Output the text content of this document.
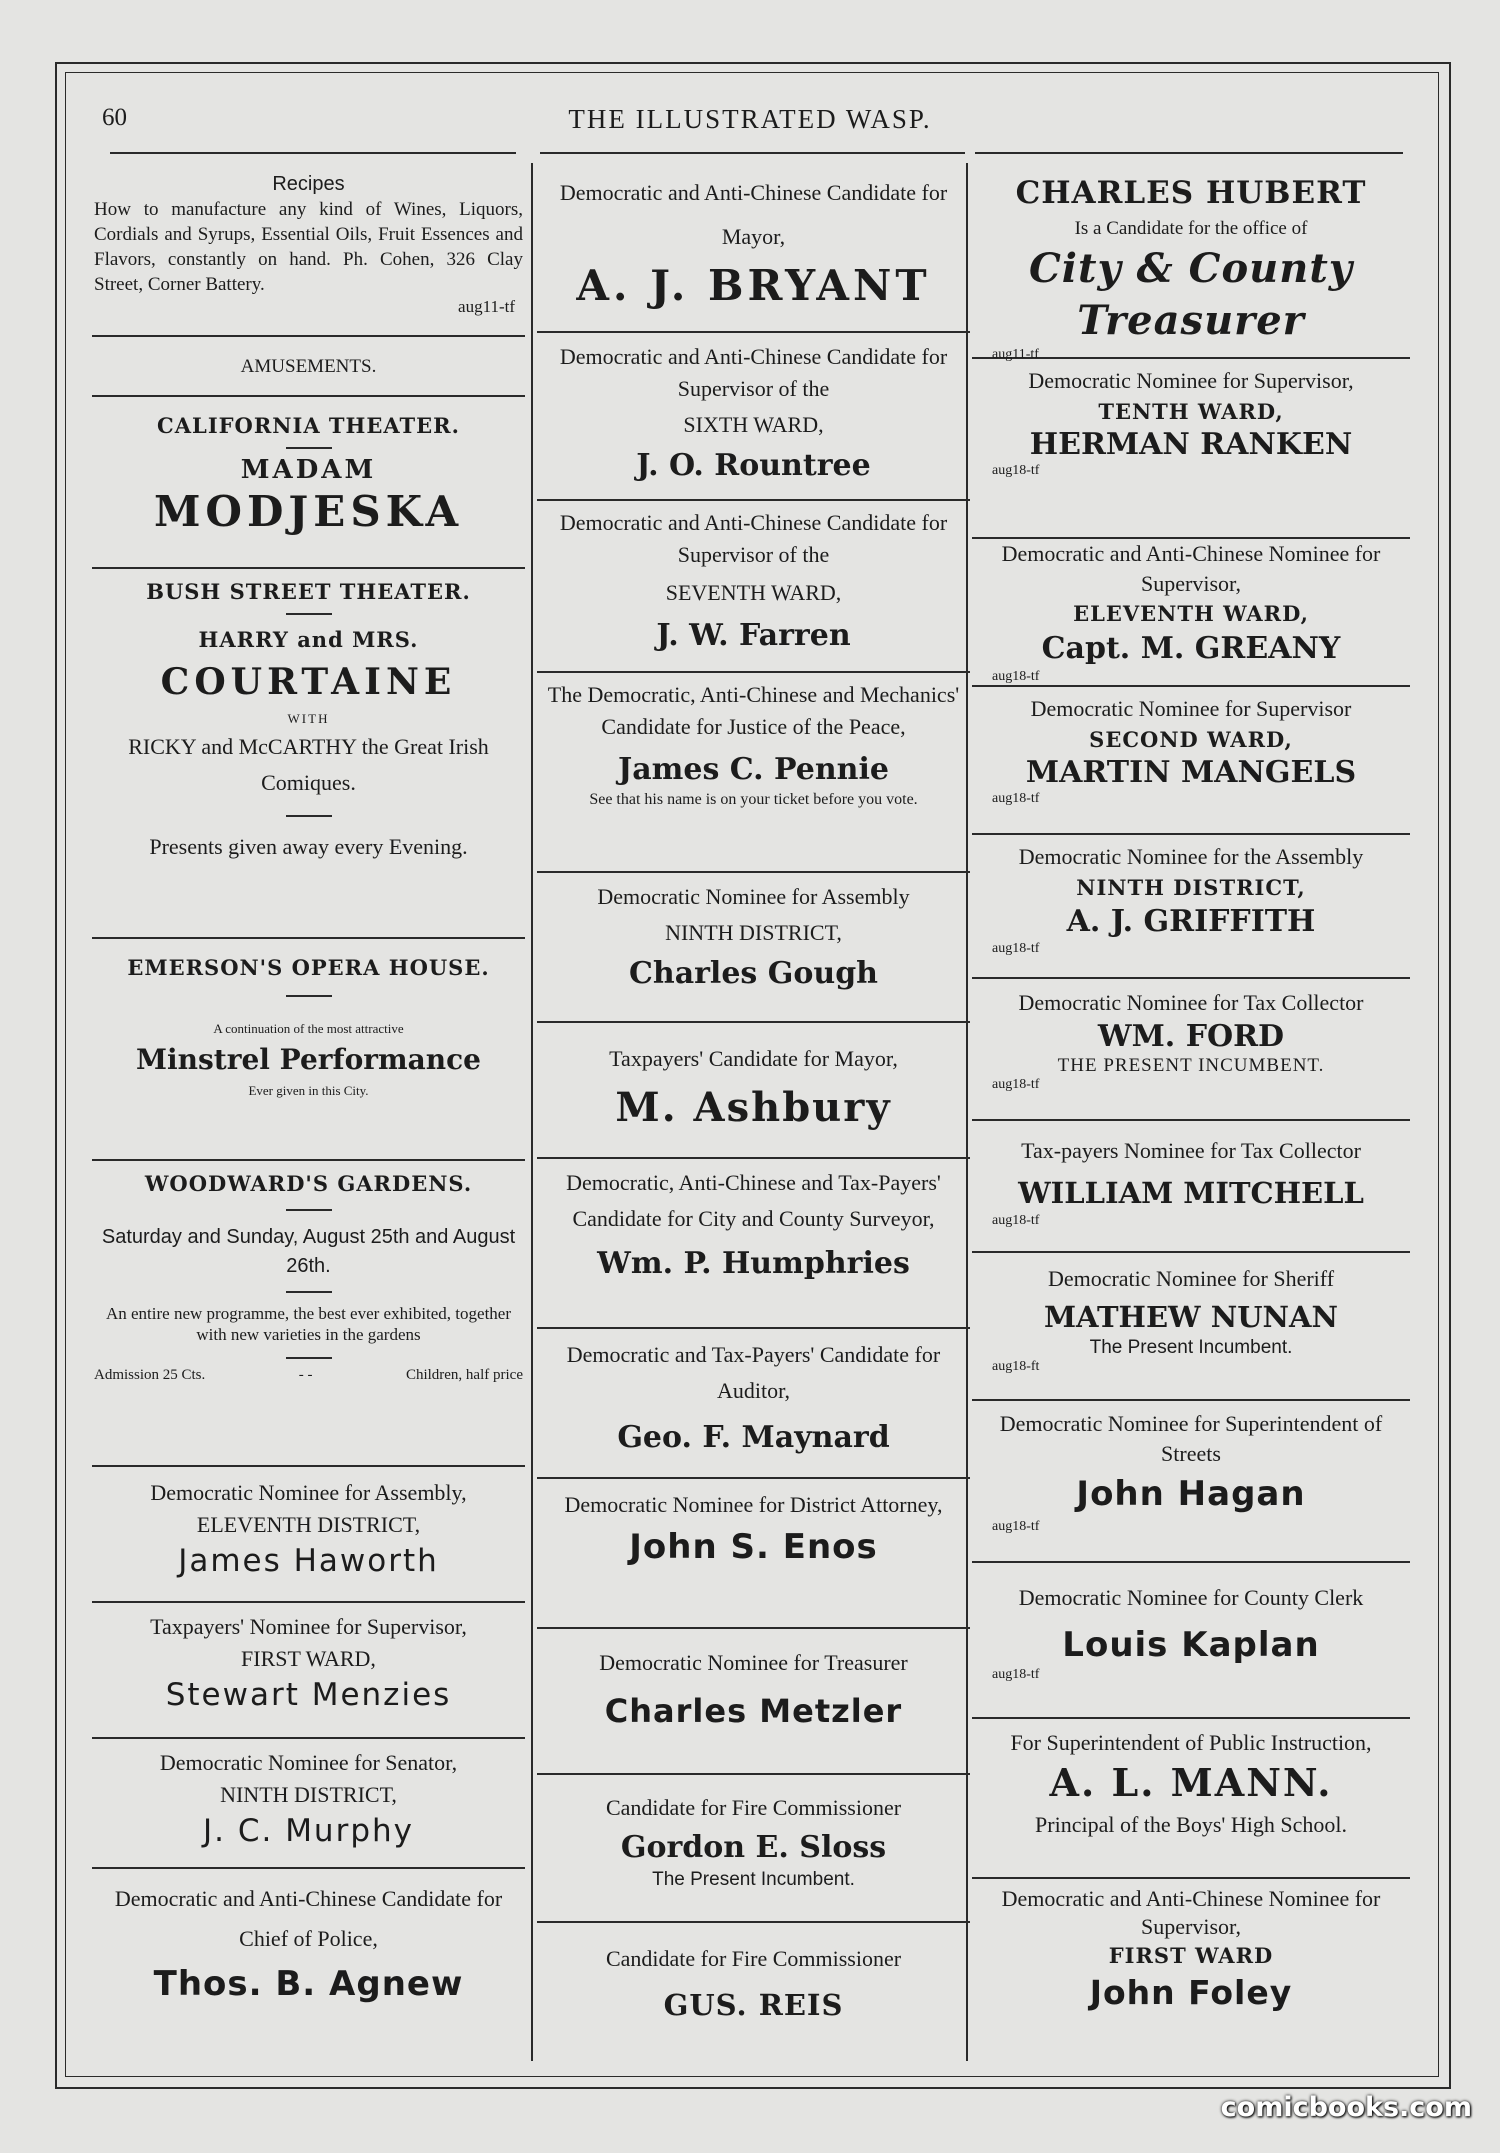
60	THE ILLUSTRATED WASP.
Recipes
How to manufacture any kind of Wines, Liquors, Cordials and Syrups, Essential Oils, Fruit Essences and Flavors, constantly on hand. Ph. Cohen, 326 Clay Street, Corner Battery.
aug11-tf
AMUSEMENTS.
CALIFORNIA THEATER.
MADAM
MODJESKA
BUSH STREET THEATER.
HARRY and MRS.
COURTAINE
WITH
RICKY and McCARTHY the Great Irish Comiques.
Presents given away every Evening.
EMERSON'S OPERA HOUSE.
A continuation of the most attractive
Minstrel Performance
Ever given in this City.
WOODWARD'S GARDENS.
Saturday and Sunday, August 25th and August 26th.
An entire new programme, the best ever exhibited, together with new varieties in the gardens
Admission 25 Cts.	- -	Children, half price
Democratic Nominee for Assembly,
ELEVENTH DISTRICT,
James Haworth
Taxpayers' Nominee for Supervisor,
FIRST WARD,
Stewart Menzies
Democratic Nominee for Senator,
NINTH DISTRICT,
J. C. Murphy
Democratic and Anti-Chinese Candidate for Chief of Police,
Thos. B. Agnew
Democratic and Anti-Chinese Candidate for Mayor,
A. J. BRYANT
Democratic and Anti-Chinese Candidate for Supervisor of the
SIXTH WARD,
J. O. Rountree
Democratic and Anti-Chinese Candidate for Supervisor of the
SEVENTH WARD,
J. W. Farren
The Democratic, Anti-Chinese and Mechanics' Candidate for Justice of the Peace,
James C. Pennie
See that his name is on your ticket before you vote.
Democratic Nominee for Assembly
NINTH DISTRICT,
Charles Gough
Taxpayers' Candidate for Mayor,
M. Ashbury
Democratic, Anti-Chinese and Tax-Payers' Candidate for City and County Surveyor,
Wm. P. Humphries
Democratic and Tax-Payers' Candidate for Auditor,
Geo. F. Maynard
Democratic Nominee for District Attorney,
John S. Enos
Democratic Nominee for Treasurer
Charles Metzler
Candidate for Fire Commissioner
Gordon E. Sloss
The Present Incumbent.
Candidate for Fire Commissioner
GUS. REIS
CHARLES HUBERT
Is a Candidate for the office of
City & County Treasurer
aug11-tf
Democratic Nominee for Supervisor,
TENTH WARD,
HERMAN RANKEN
aug18-tf
Democratic and Anti-Chinese Nominee for Supervisor,
ELEVENTH WARD,
Capt. M. GREANY
aug18-tf
Democratic Nominee for Supervisor
SECOND WARD,
MARTIN MANGELS
aug18-tf
Democratic Nominee for the Assembly
NINTH DISTRICT,
A. J. GRIFFITH
aug18-tf
Democratic Nominee for Tax Collector
WM. FORD
THE PRESENT INCUMBENT.
aug18-tf
Tax-payers Nominee for Tax Collector
WILLIAM MITCHELL
aug18-tf
Democratic Nominee for Sheriff
MATHEW NUNAN
The Present Incumbent.
aug18-ft
Democratic Nominee for Superintendent of Streets
John Hagan
aug18-tf
Democratic Nominee for County Clerk
Louis Kaplan
aug18-tf
For Superintendent of Public Instruction,
A. L. MANN.
Principal of the Boys' High School.
Democratic and Anti-Chinese Nominee for Supervisor,
FIRST WARD
John Foley
comicbooks.com
